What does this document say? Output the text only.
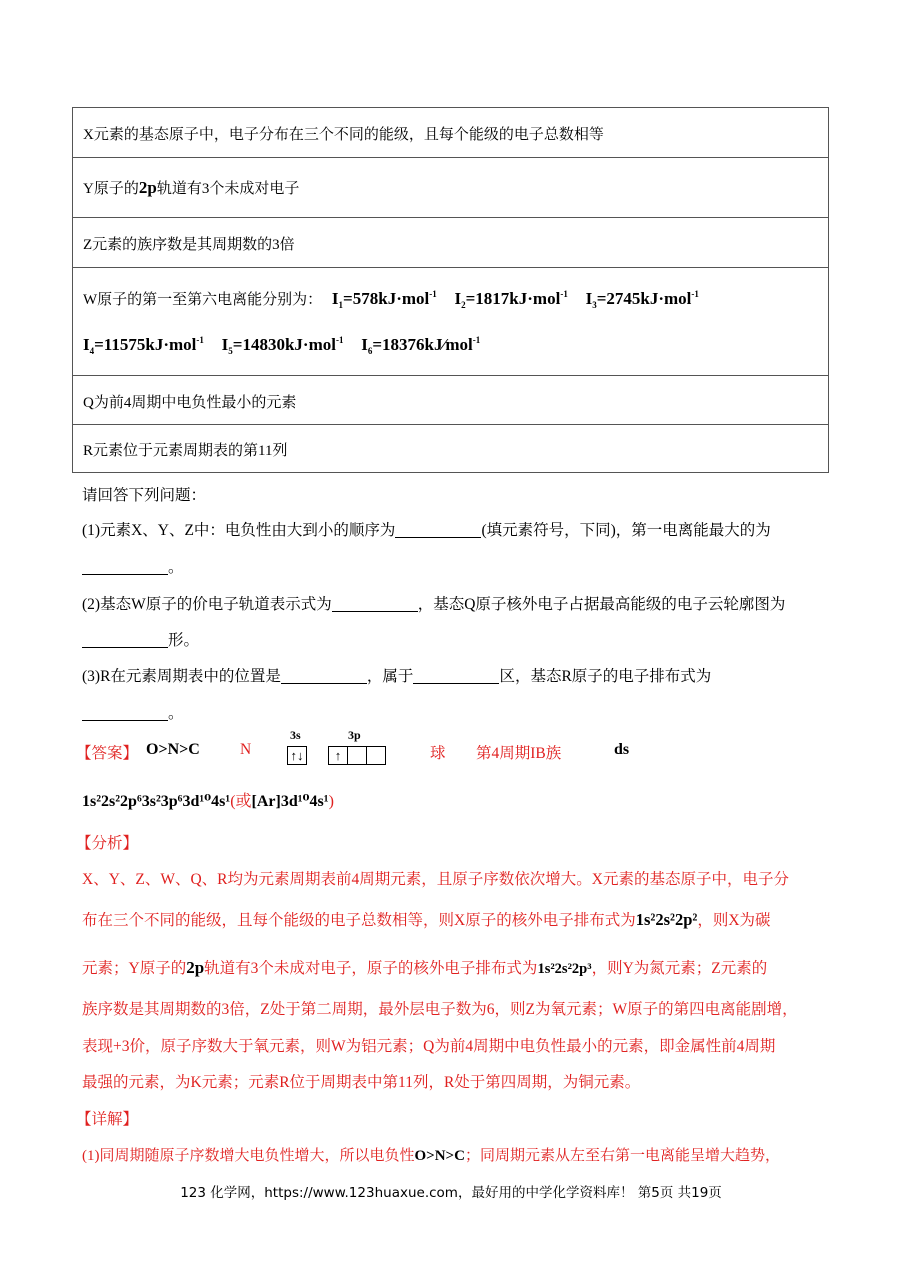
X元素的基态原子中，电子分布在三个不同的能级，且每个能级的电子总数相等
Y原子的2p轨道有3个未成对电子
Z元素的族序数是其周期数的3倍
W原子的第一至第六电离能分别为： $I_1=578kJ\cdot mol^{-1}$ $I_2=1817kJ\cdot mol^{-1}$ $I_3=2745kJ\cdot mol^{-1}$
$I_4=11575kJ\cdot mol^{-1}$ $I_5=14830kJ\cdot mol^{-1}$ $I_6=18376kJ⁄mol^{-1}$
Q为前4周期中电负性最小的元素
R元素位于元素周期表的第11列
请回答下列问题：
(1)元素X、Y、Z中：电负性由大到小的顺序为	(填元素符号，下同)，第一电离能最大的为
。
(2)基态W原子的价电子轨道表示式为	，基态Q原子核外电子占据最高能级的电子云轮廓图为
形。
(3)R在元素周期表中的位置是	，属于	区，基态R原子的电子排布式为
。
【答案】 O>N>C	N
3s
↑↓
3p
↑	球 第4周期IB族	ds
1s²2s²2p⁶3s²3p⁶3d¹⁰4s¹(或[Ar]3d¹⁰4s¹)
【分析】
X、Y、Z、W、Q、R均为元素周期表前4周期元素，且原子序数依次增大。X元素的基态原子中，电子分
布在三个不同的能级，且每个能级的电子总数相等，则X原子的核外电子排布式为1s²2s²2p²，则X为碳
元素；Y原子的2p轨道有3个未成对电子，原子的核外电子排布式为1s²2s²2p³，则Y为氮元素；Z元素的
族序数是其周期数的3倍，Z处于第二周期，最外层电子数为6，则Z为氧元素；W原子的第四电离能剧增，
表现+3价，原子序数大于氧元素，则W为铝元素；Q为前4周期中电负性最小的元素，即金属性前4周期
最强的元素，为K元素；元素R位于周期表中第11列，R处于第四周期，为铜元素。
【详解】
(1)同周期随原子序数增大电负性增大，所以电负性O>N>C；同周期元素从左至右第一电离能呈增大趋势，
123 化学网，https://www.123huaxue.com，最好用的中学化学资料库！ 第5页 共19页
